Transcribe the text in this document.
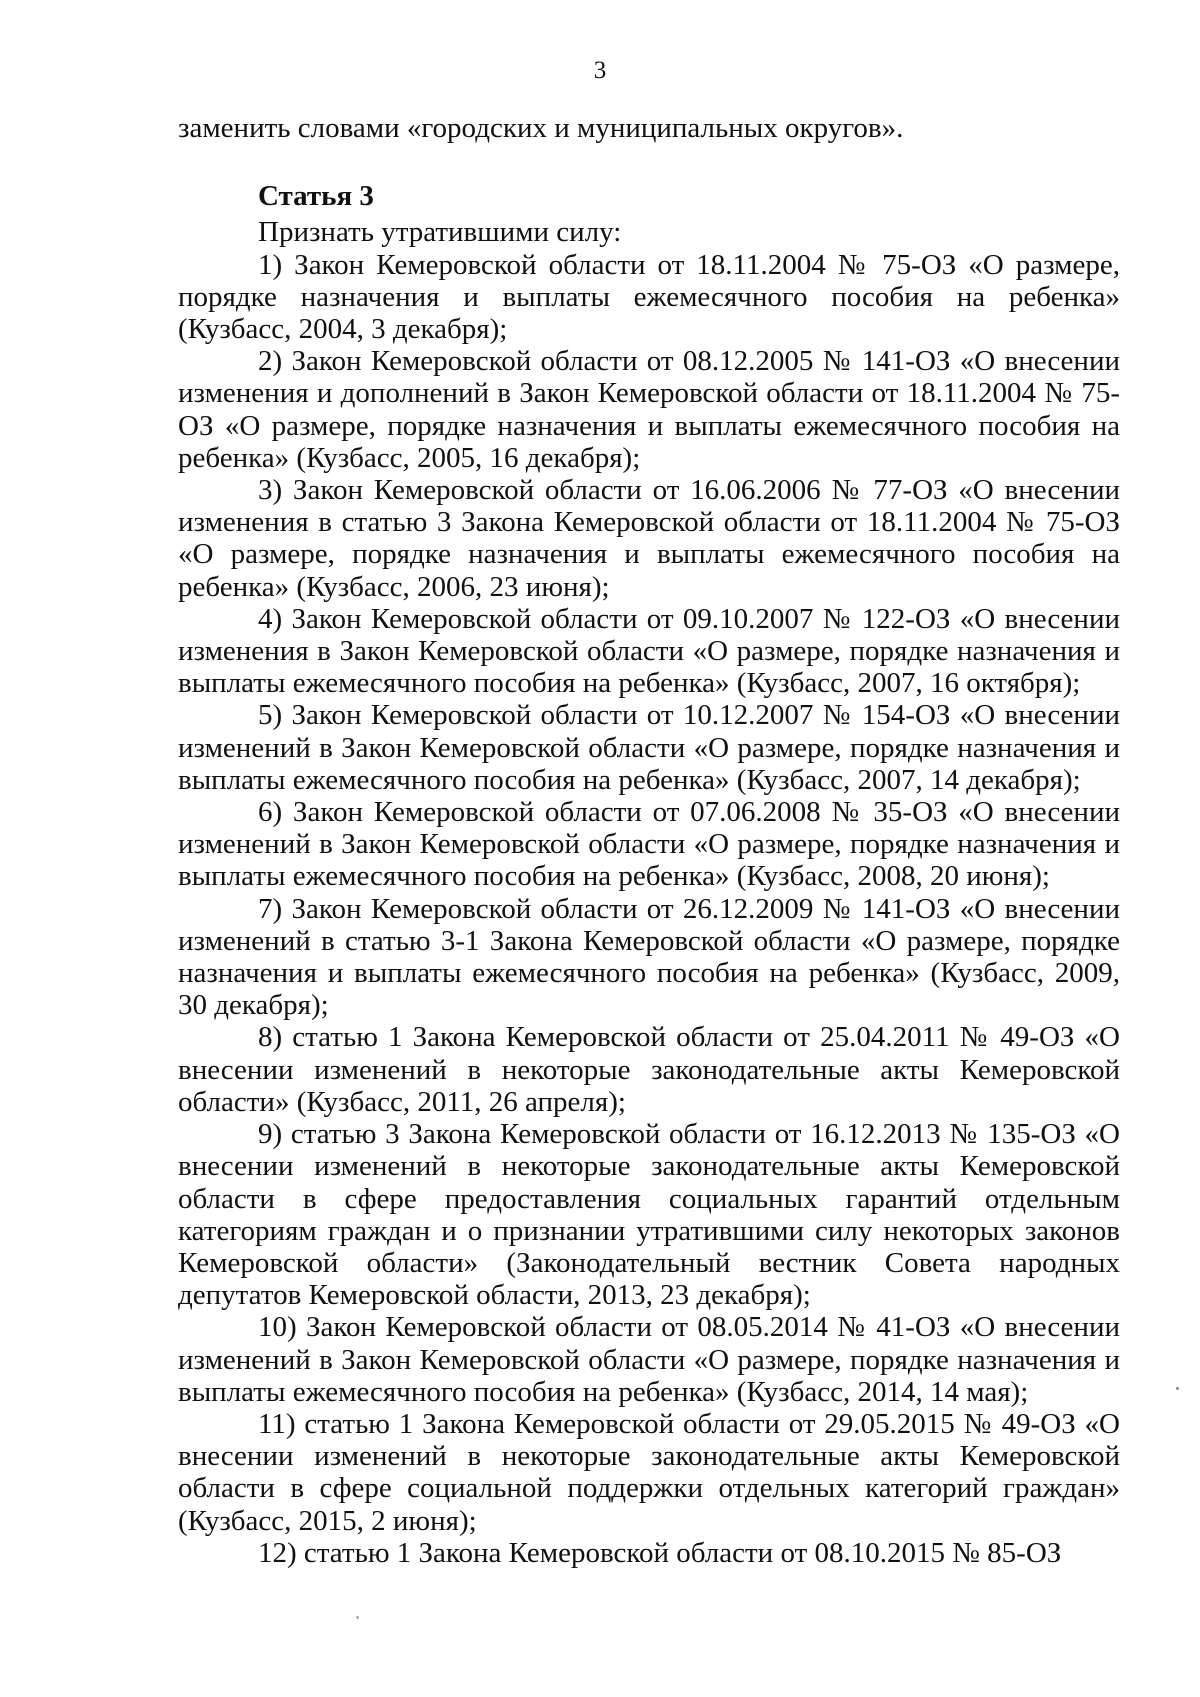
3

заменить словами «городских и муниципальных округов».

Статья 3

Признать утратившими силу:

1) Закон Кемеровской области от 18.11.2004 № 75-ОЗ «О размере, порядке назначения и выплаты ежемесячного пособия на ребенка» (Кузбасс, 2004, 3 декабря);

2) Закон Кемеровской области от 08.12.2005 № 141-ОЗ «О внесении изменения и дополнений в Закон Кемеровской области от 18.11.2004 № 75-ОЗ «О размере, порядке назначения и выплаты ежемесячного пособия на ребенка» (Кузбасс, 2005, 16 декабря);

3) Закон Кемеровской области от 16.06.2006 № 77-ОЗ «О внесении изменения в статью 3 Закона Кемеровской области от 18.11.2004 № 75-ОЗ «О размере, порядке назначения и выплаты ежемесячного пособия на ребенка» (Кузбасс, 2006, 23 июня);

4) Закон Кемеровской области от 09.10.2007 № 122-ОЗ «О внесении изменения в Закон Кемеровской области «О размере, порядке назначения и выплаты ежемесячного пособия на ребенка» (Кузбасс, 2007, 16 октября);

5) Закон Кемеровской области от 10.12.2007 № 154-ОЗ «О внесении изменений в Закон Кемеровской области «О размере, порядке назначения и выплаты ежемесячного пособия на ребенка» (Кузбасс, 2007, 14 декабря);

6) Закон Кемеровской области от 07.06.2008 № 35-ОЗ «О внесении изменений в Закон Кемеровской области «О размере, порядке назначения и выплаты ежемесячного пособия на ребенка» (Кузбасс, 2008, 20 июня);

7) Закон Кемеровской области от 26.12.2009 № 141-ОЗ «О внесении изменений в статью 3-1 Закона Кемеровской области «О размере, порядке назначения и выплаты ежемесячного пособия на ребенка» (Кузбасс, 2009, 30 декабря);

8) статью 1 Закона Кемеровской области от 25.04.2011 № 49-ОЗ «О внесении изменений в некоторые законодательные акты Кемеровской области» (Кузбасс, 2011, 26 апреля);

9) статью 3 Закона Кемеровской области от 16.12.2013 № 135-ОЗ «О внесении изменений в некоторые законодательные акты Кемеровской области в сфере предоставления социальных гарантий отдельным категориям граждан и о признании утратившими силу некоторых законов Кемеровской области» (Законодательный вестник Совета народных депутатов Кемеровской области, 2013, 23 декабря);

10) Закон Кемеровской области от 08.05.2014 № 41-ОЗ «О внесении изменений в Закон Кемеровской области «О размере, порядке назначения и выплаты ежемесячного пособия на ребенка» (Кузбасс, 2014, 14 мая);

11) статью 1 Закона Кемеровской области от 29.05.2015 № 49-ОЗ «О внесении изменений в некоторые законодательные акты Кемеровской области в сфере социальной поддержки отдельных категорий граждан» (Кузбасс, 2015, 2 июня);

12) статью 1 Закона Кемеровской области от 08.10.2015 № 85-ОЗ
